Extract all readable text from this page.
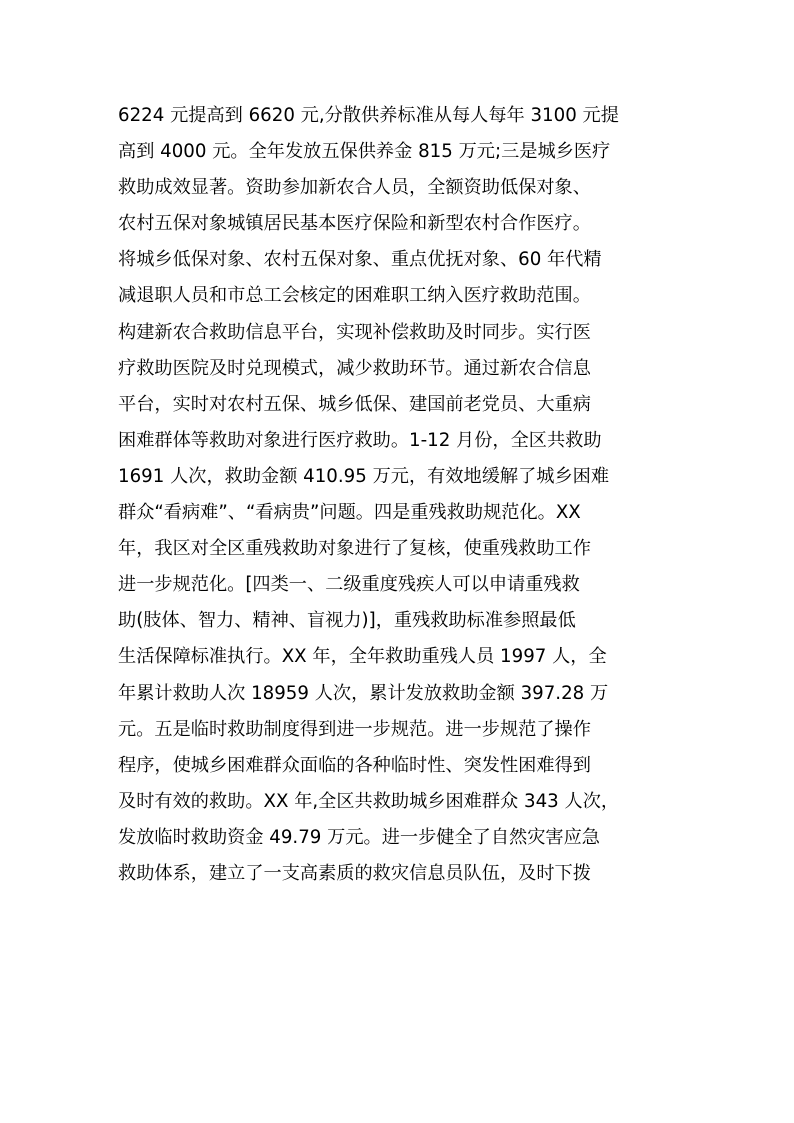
6224 元提高到 6620 元,分散供养标准从每人每年 3100 元提
高到 4000 元。全年发放五保供养金 815 万元;三是城乡医疗
救助成效显著。资助参加新农合人员，全额资助低保对象、
农村五保对象城镇居民基本医疗保险和新型农村合作医疗。
将城乡低保对象、农村五保对象、重点优抚对象、60 年代精
减退职人员和市总工会核定的困难职工纳入医疗救助范围。
构建新农合救助信息平台，实现补偿救助及时同步。实行医
疗救助医院及时兑现模式，减少救助环节。通过新农合信息
平台，实时对农村五保、城乡低保、建国前老党员、大重病
困难群体等救助对象进行医疗救助。1-12 月份，全区共救助
1691 人次，救助金额 410.95 万元，有效地缓解了城乡困难
群众“看病难”、“看病贵”问题。四是重残救助规范化。XX
年，我区对全区重残救助对象进行了复核，使重残救助工作
进一步规范化。[四类一、二级重度残疾人可以申请重残救
助(肢体、智力、精神、盲视力)]，重残救助标准参照最低
生活保障标准执行。XX 年，全年救助重残人员 1997 人，全
年累计救助人次 18959 人次，累计发放救助金额 397.28 万
元。五是临时救助制度得到进一步规范。进一步规范了操作
程序，使城乡困难群众面临的各种临时性、突发性困难得到
及时有效的救助。XX 年,全区共救助城乡困难群众 343 人次，
发放临时救助资金 49.79 万元。进一步健全了自然灾害应急
救助体系，建立了一支高素质的救灾信息员队伍，及时下拨
